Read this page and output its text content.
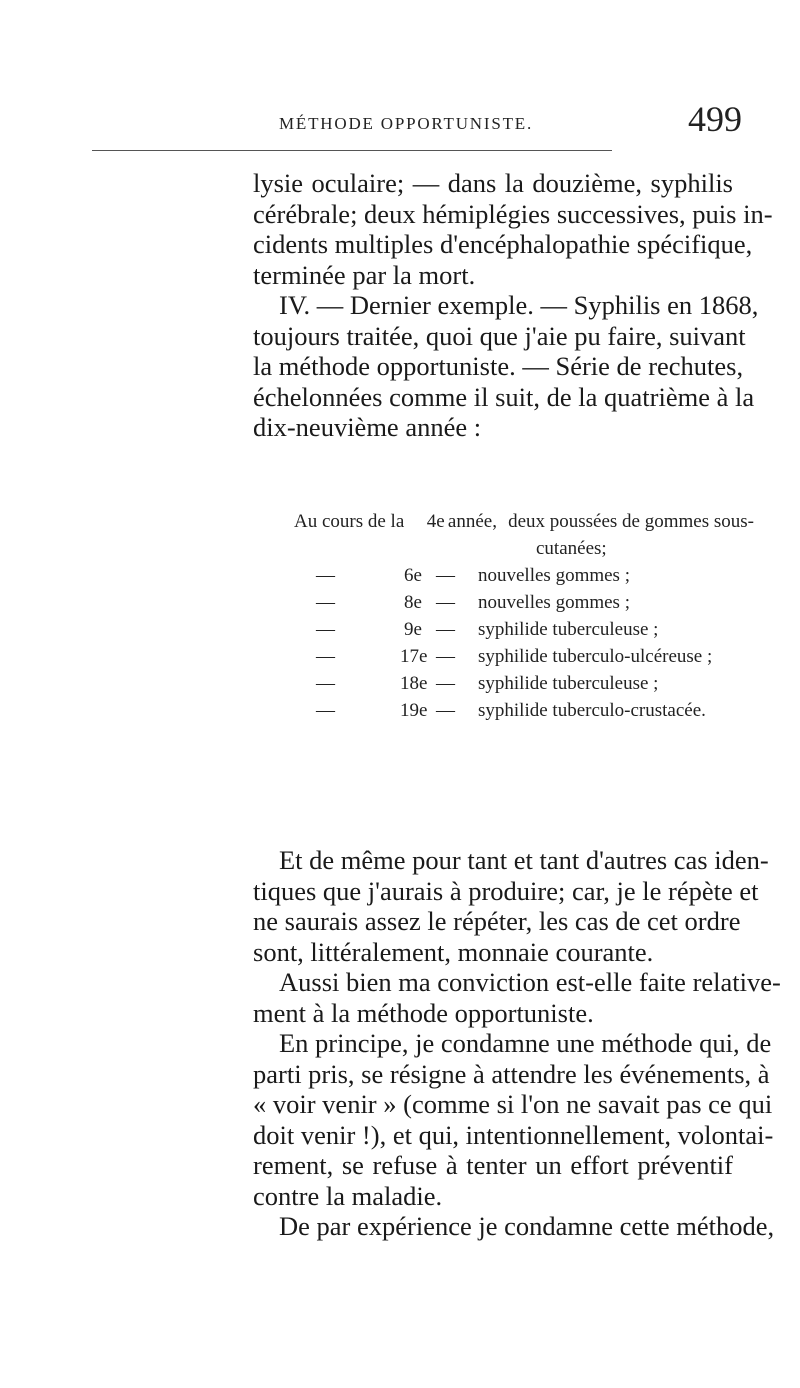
MÉTHODE OPPORTUNISTE.	499
lysie oculaire; — dans la douzième, syphilis
cérébrale; deux hémiplégies successives, puis in-
cidents multiples d'encéphalopathie spécifique,
terminée par la mort.
IV. — Dernier exemple. — Syphilis en 1868,
toujours traitée, quoi que j'aie pu faire, suivant
la méthode opportuniste. — Série de rechutes,
échelonnées comme il suit, de la quatrième à la
dix-neuvième année :
Au cours de la	4e année, deux poussées de gommes sous-
cutanées;
—	6e —	nouvelles gommes ;
—	8e —	nouvelles gommes ;
—	9e —	syphilide tuberculeuse ;
—	17e —	syphilide tuberculo-ulcéreuse ;
—	18e —	syphilide tuberculeuse ;
—	19e —	syphilide tuberculo-crustacée.
Et de même pour tant et tant d'autres cas iden-
tiques que j'aurais à produire; car, je le répète et
ne saurais assez le répéter, les cas de cet ordre
sont, littéralement, monnaie courante.
Aussi bien ma conviction est-elle faite relative-
ment à la méthode opportuniste.
En principe, je condamne une méthode qui, de
parti pris, se résigne à attendre les événements, à
« voir venir » (comme si l'on ne savait pas ce qui
doit venir !), et qui, intentionnellement, volontai-
rement, se refuse à tenter un effort préventif
contre la maladie.
De par expérience je condamne cette méthode,
